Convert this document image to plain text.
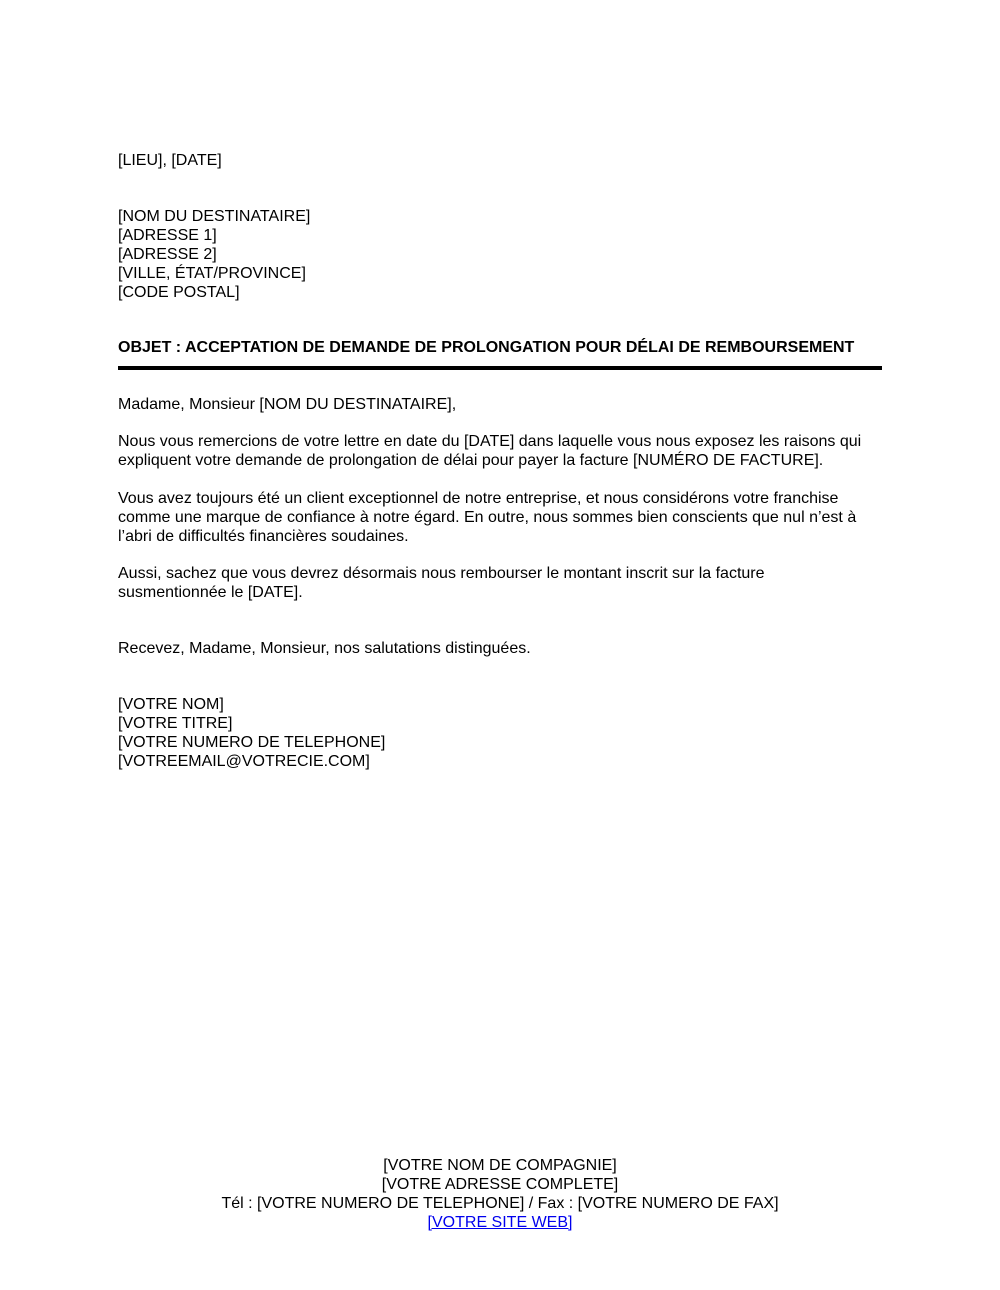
[LIEU], [DATE]
[NOM DU DESTINATAIRE]
[ADRESSE 1]
[ADRESSE 2]
[VILLE, ÉTAT/PROVINCE]
[CODE POSTAL]
OBJET : ACCEPTATION DE DEMANDE DE PROLONGATION POUR DÉLAI DE REMBOURSEMENT
Madame, Monsieur [NOM DU DESTINATAIRE],
Nous vous remercions de votre lettre en date du [DATE] dans laquelle vous nous exposez les raisons qui
expliquent votre demande de prolongation de délai pour payer la facture [NUMÉRO DE FACTURE].
Vous avez toujours été un client exceptionnel de notre entreprise, et nous considérons votre franchise
comme une marque de confiance à notre égard. En outre, nous sommes bien conscients que nul n’est à
l’abri de difficultés financières soudaines.
Aussi, sachez que vous devrez désormais nous rembourser le montant inscrit sur la facture
susmentionnée le [DATE].
Recevez, Madame, Monsieur, nos salutations distinguées.
[VOTRE NOM]
[VOTRE TITRE]
[VOTRE NUMERO DE TELEPHONE]
[VOTREEMAIL@VOTRECIE.COM]
[VOTRE NOM DE COMPAGNIE]
[VOTRE ADRESSE COMPLETE]
Tél : [VOTRE NUMERO DE TELEPHONE] / Fax : [VOTRE NUMERO DE FAX]
[VOTRE SITE WEB]
